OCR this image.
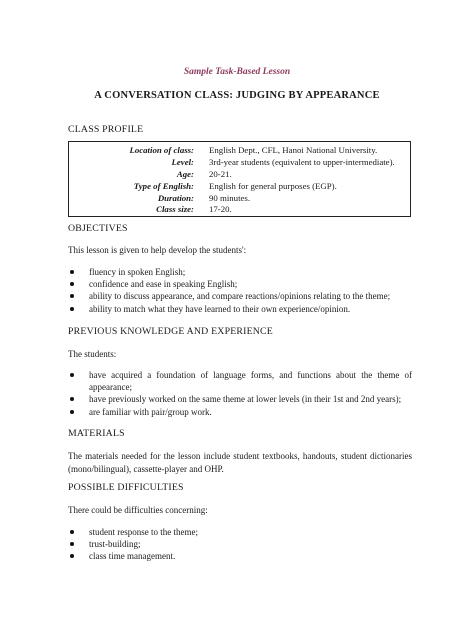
Sample Task-Based Lesson
A CONVERSATION CLASS: JUDGING BY APPEARANCE
CLASS PROFILE
Location of class: English Dept., CFL, Hanoi National University.
Level: 3rd-year students (equivalent to upper-intermediate).
Age: 20-21.
Type of English: English for general purposes (EGP).
Duration: 90 minutes.
Class size: 17-20.
OBJECTIVES
This lesson is given to help develop the students':
fluency in spoken English;
confidence and ease in speaking English;
ability to discuss appearance, and compare reactions/opinions relating to the theme;
ability to match what they have learned to their own experience/opinion.
PREVIOUS KNOWLEDGE AND EXPERIENCE
The students:
have acquired a foundation of language forms, and functions about the theme of appearance;
have previously worked on the same theme at lower levels (in their 1st and 2nd years);
are familiar with pair/group work.
MATERIALS
The materials needed for the lesson include student textbooks, handouts, student dictionaries (mono/bilingual), cassette-player and OHP.
POSSIBLE DIFFICULTIES
There could be difficulties concerning:
student response to the theme;
trust-building;
class time management.
